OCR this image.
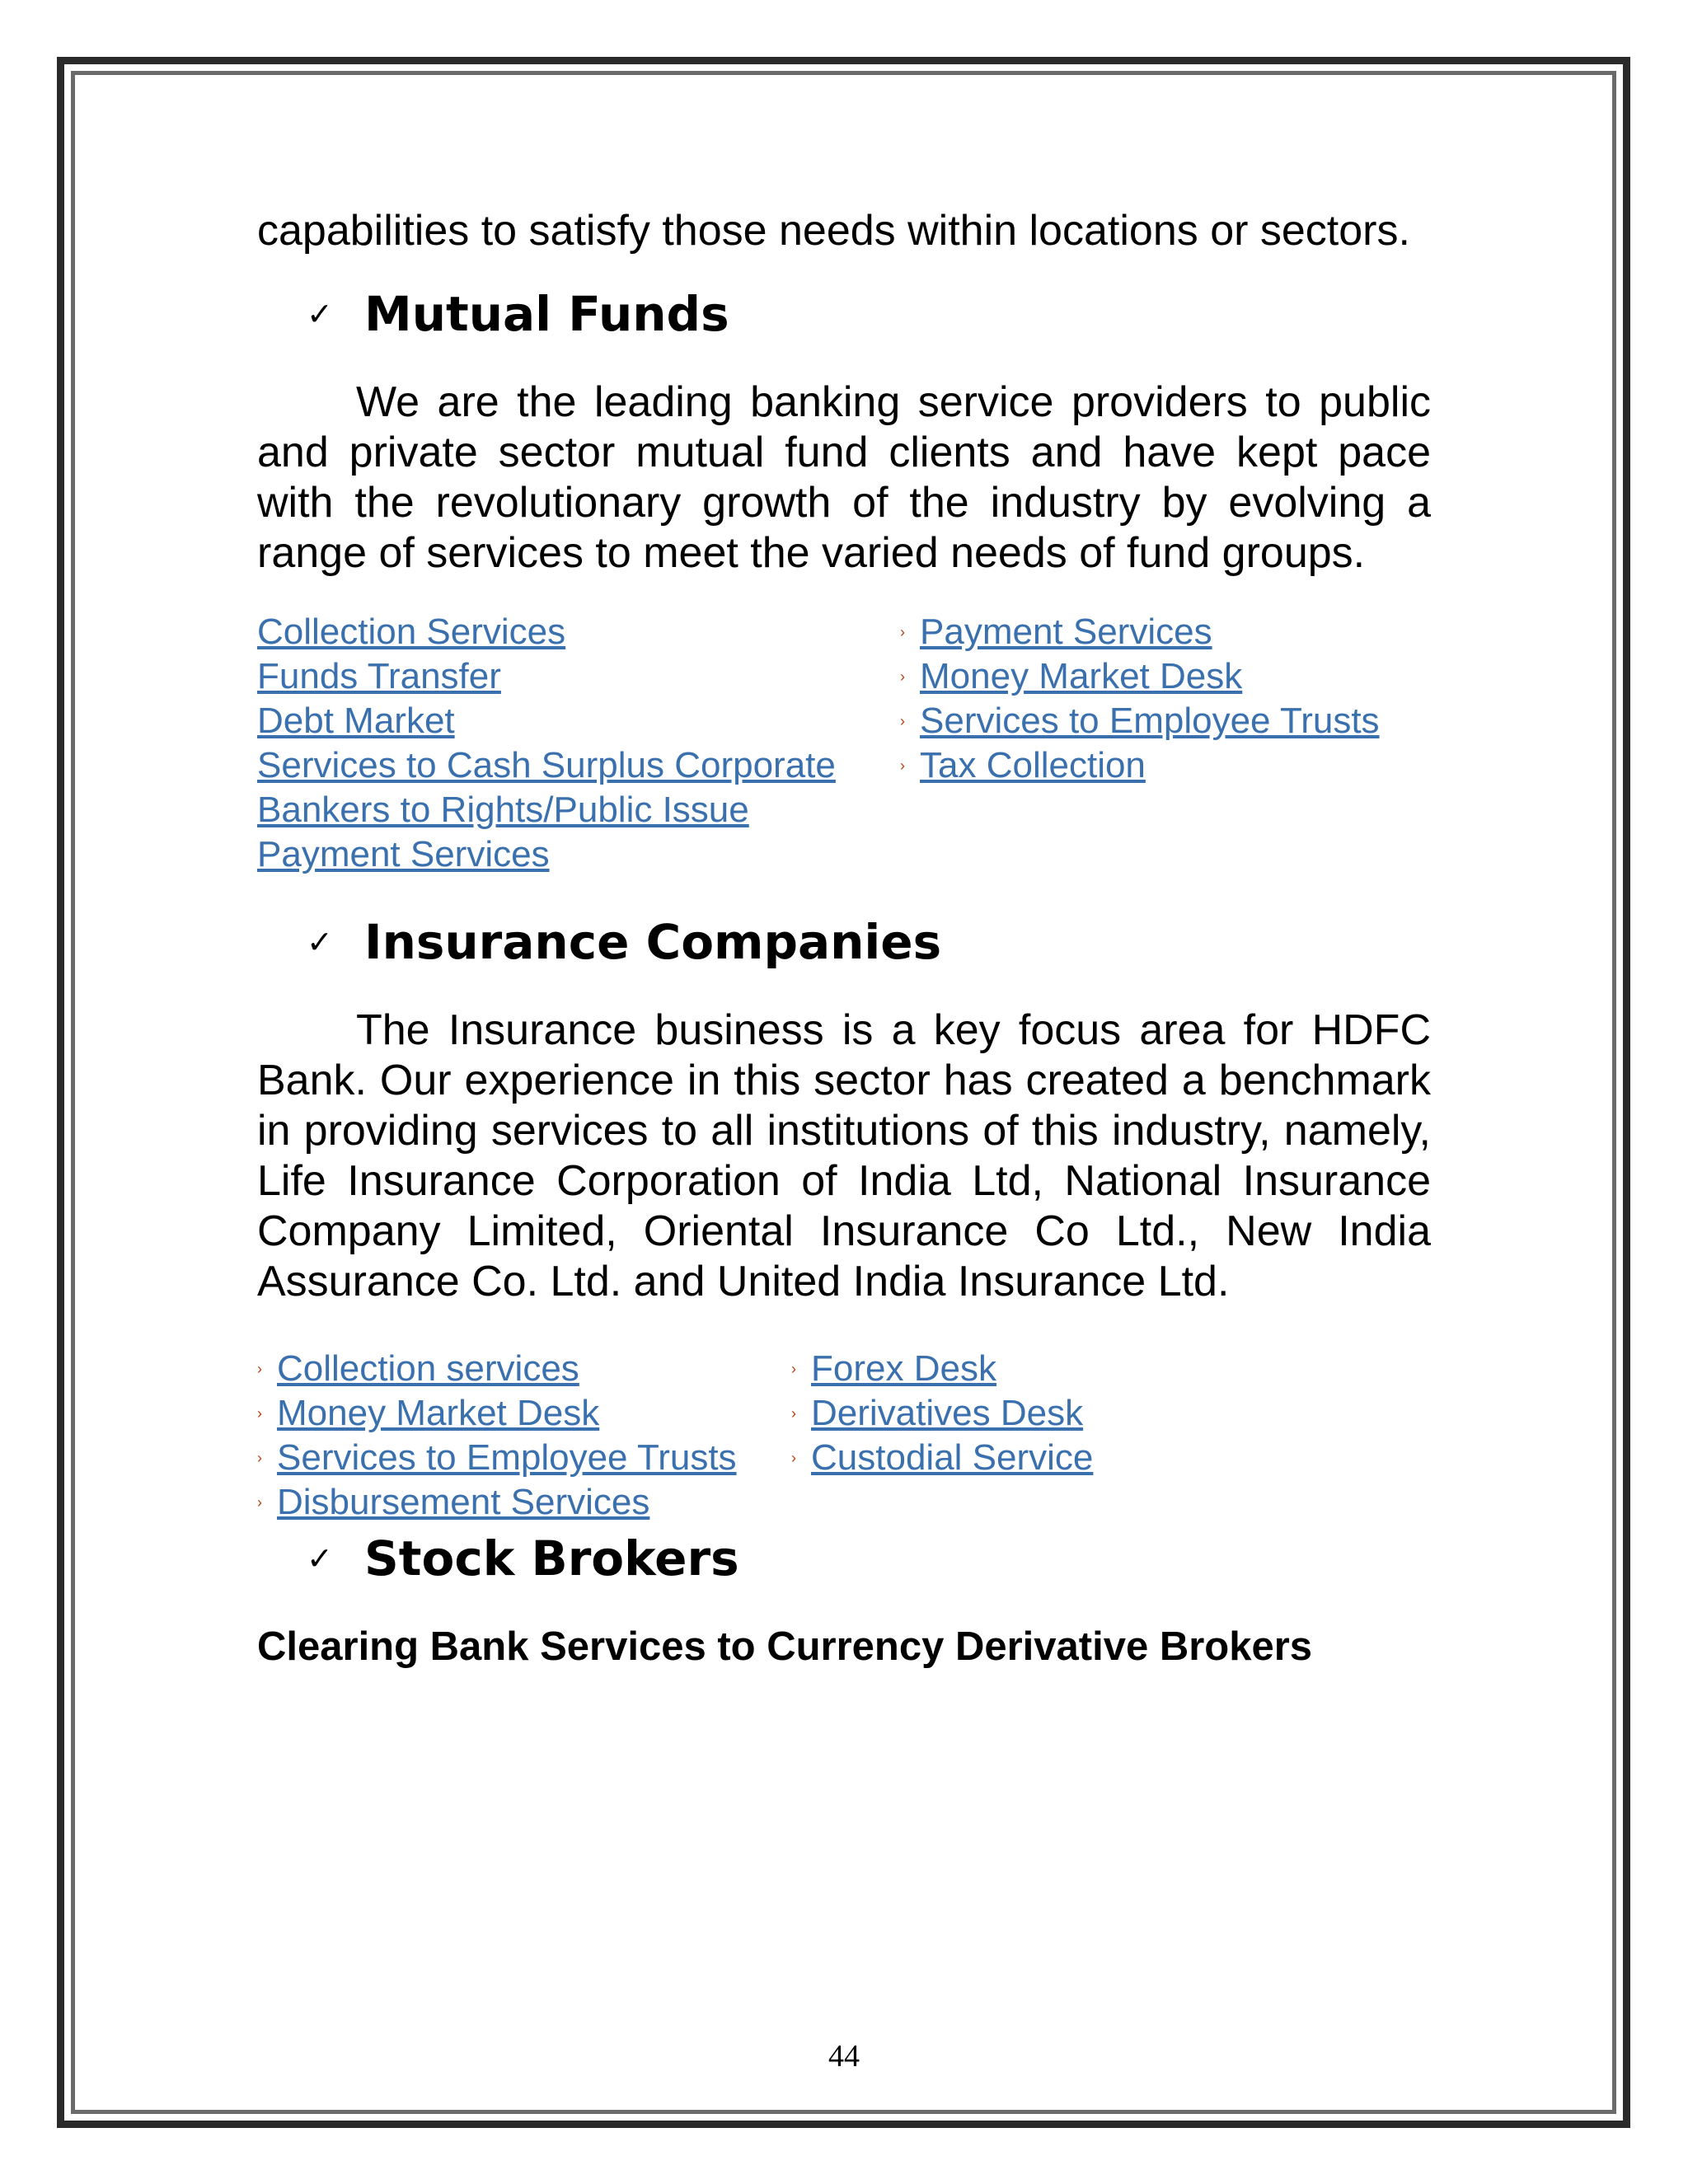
capabilities to satisfy those needs within locations or sectors.

✓ Mutual Funds

We are the leading banking service providers to public and private sector mutual fund clients and have kept pace with the revolutionary growth of the industry by evolving a range of services to meet the varied needs of fund groups.

Collection Services
Funds Transfer
Debt Market
Services to Cash Surplus Corporate
Bankers to Rights/Public Issue
Payment Services
› Payment Services
› Money Market Desk
› Services to Employee Trusts
› Tax Collection
✓ Insurance Companies

The Insurance business is a key focus area for HDFC Bank. Our experience in this sector has created a benchmark in providing services to all institutions of this industry, namely, Life Insurance Corporation of India Ltd, National Insurance Company Limited, Oriental Insurance Co Ltd., New India Assurance Co. Ltd. and United India Insurance Ltd.

› Collection services
› Money Market Desk
› Services to Employee Trusts
› Disbursement Services
› Forex Desk
› Derivatives Desk
› Custodial Service
✓ Stock Brokers

Clearing Bank Services to Currency Derivative Brokers

44
